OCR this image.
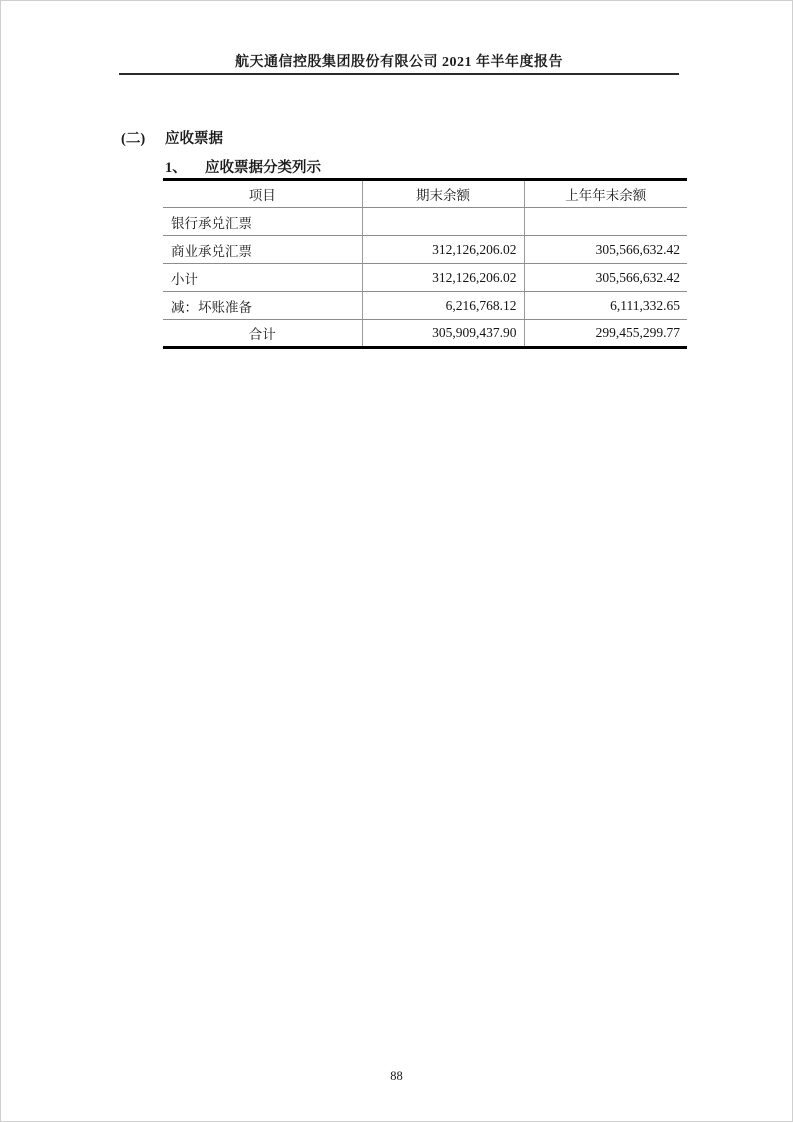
航天通信控股集团股份有限公司 2021 年半年度报告
(二) 应收票据
1、 应收票据分类列示
项目	期末余额	上年年末余额
银行承兑汇票		
商业承兑汇票	312,126,206.02	305,566,632.42
小计	312,126,206.02	305,566,632.42
减：坏账准备	6,216,768.12	6,111,332.65
合计	305,909,437.90	299,455,299.77
88
